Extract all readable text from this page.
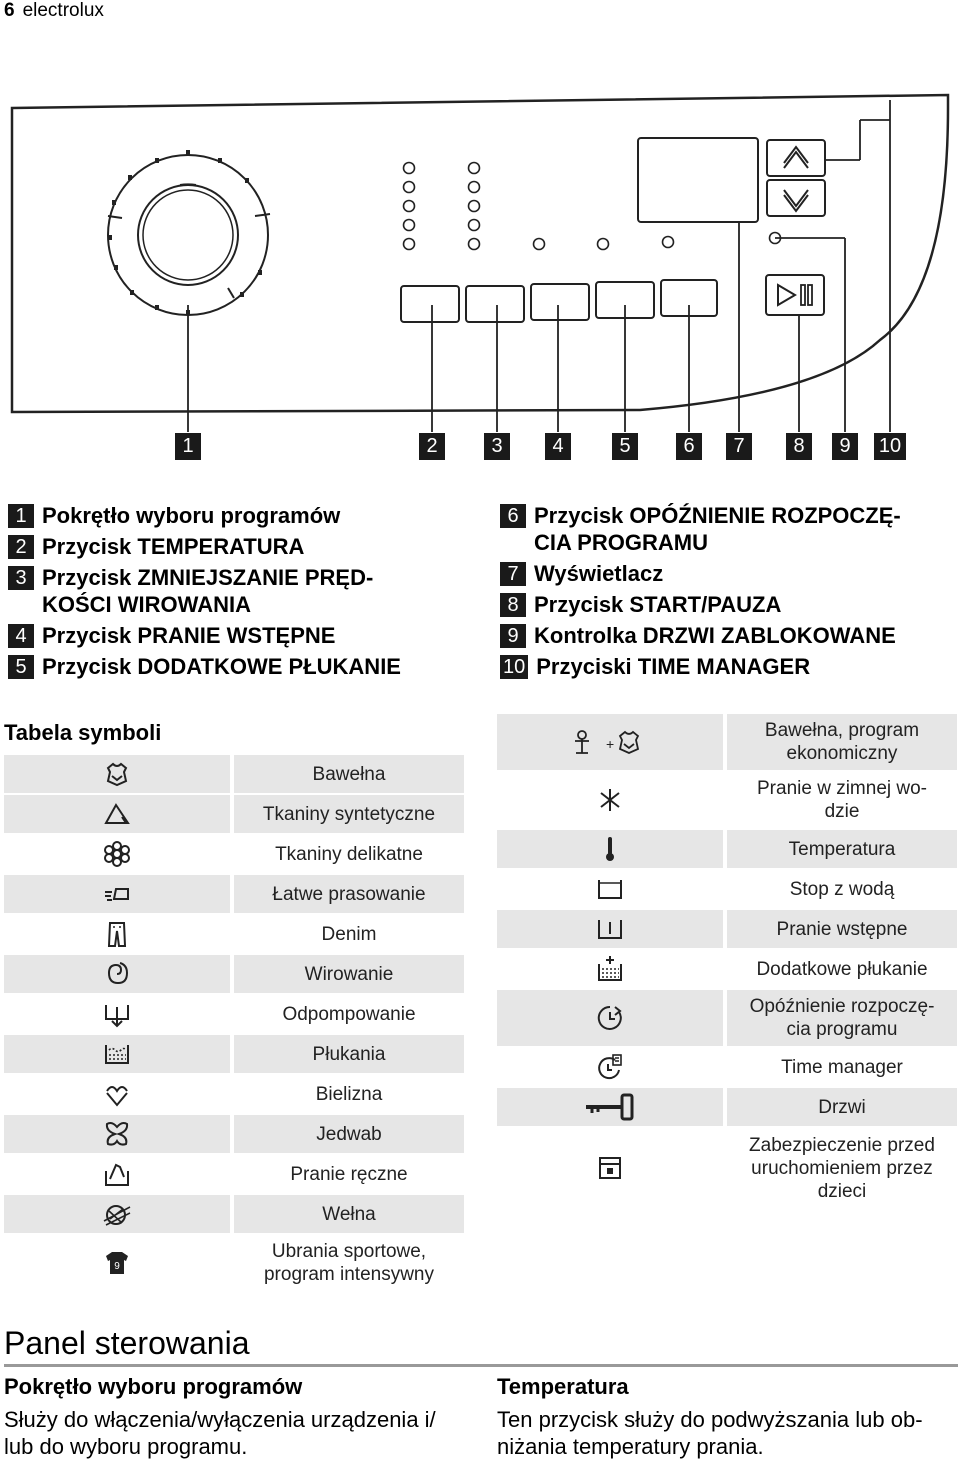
6 electrolux
1	2	3	4	5	6	7	8	9	10
1 Pokrętło wyboru programów
2 Przycisk TEMPERATURA
3 Przycisk ZMNIEJSZANIE PRĘD-
KOŚCI WIROWANIA
4 Przycisk PRANIE WSTĘPNE
5 Przycisk DODATKOWE PŁUKANIE
6 Przycisk OPÓŹNIENIE ROZPOCZĘ-
CIA PROGRAMU
7 Wyświetlacz
8 Przycisk START/PAUZA
9 Kontrolka DRZWI ZABLOKOWANE
10 Przyciski TIME MANAGER
Tabela symboli
Bawełna
Tkaniny syntetyczne
Tkaniny delikatne
Łatwe prasowanie
Denim
Wirowanie
Odpompowanie
Płukania
Bielizna
Jedwab
Pranie ręczne
Wełna
9
Ubrania sportowe,
program intensywny
+
Bawełna, program
ekonomiczny
Pranie w zimnej wo-
dzie
Temperatura
Stop z wodą
Pranie wstępne
Dodatkowe płukanie
Opóźnienie rozpoczę-
cia programu
Time manager
Drzwi
Zabezpieczenie przed
uruchomieniem przez
dzieci
Panel sterowania
Pokrętło wyboru programów
Służy do włączenia/wyłączenia urządzenia i/
lub do wyboru programu.
Temperatura
Ten przycisk służy do podwyższania lub ob-
niżania temperatury prania.
